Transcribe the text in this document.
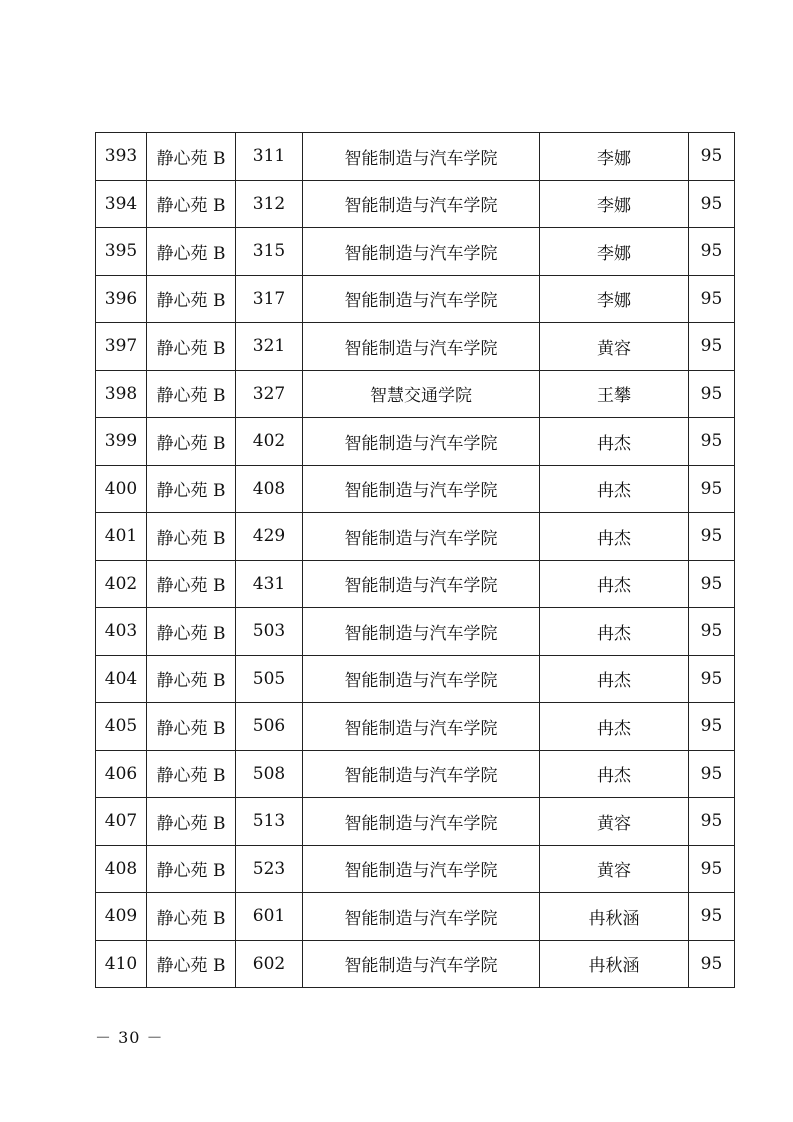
393	静心苑 B	311	智能制造与汽车学院	李娜	95
394	静心苑 B	312	智能制造与汽车学院	李娜	95
395	静心苑 B	315	智能制造与汽车学院	李娜	95
396	静心苑 B	317	智能制造与汽车学院	李娜	95
397	静心苑 B	321	智能制造与汽车学院	黄容	95
398	静心苑 B	327	智慧交通学院	王攀	95
399	静心苑 B	402	智能制造与汽车学院	冉杰	95
400	静心苑 B	408	智能制造与汽车学院	冉杰	95
401	静心苑 B	429	智能制造与汽车学院	冉杰	95
402	静心苑 B	431	智能制造与汽车学院	冉杰	95
403	静心苑 B	503	智能制造与汽车学院	冉杰	95
404	静心苑 B	505	智能制造与汽车学院	冉杰	95
405	静心苑 B	506	智能制造与汽车学院	冉杰	95
406	静心苑 B	508	智能制造与汽车学院	冉杰	95
407	静心苑 B	513	智能制造与汽车学院	黄容	95
408	静心苑 B	523	智能制造与汽车学院	黄容	95
409	静心苑 B	601	智能制造与汽车学院	冉秋涵	95
410	静心苑 B	602	智能制造与汽车学院	冉秋涵	95
－ 30 －
